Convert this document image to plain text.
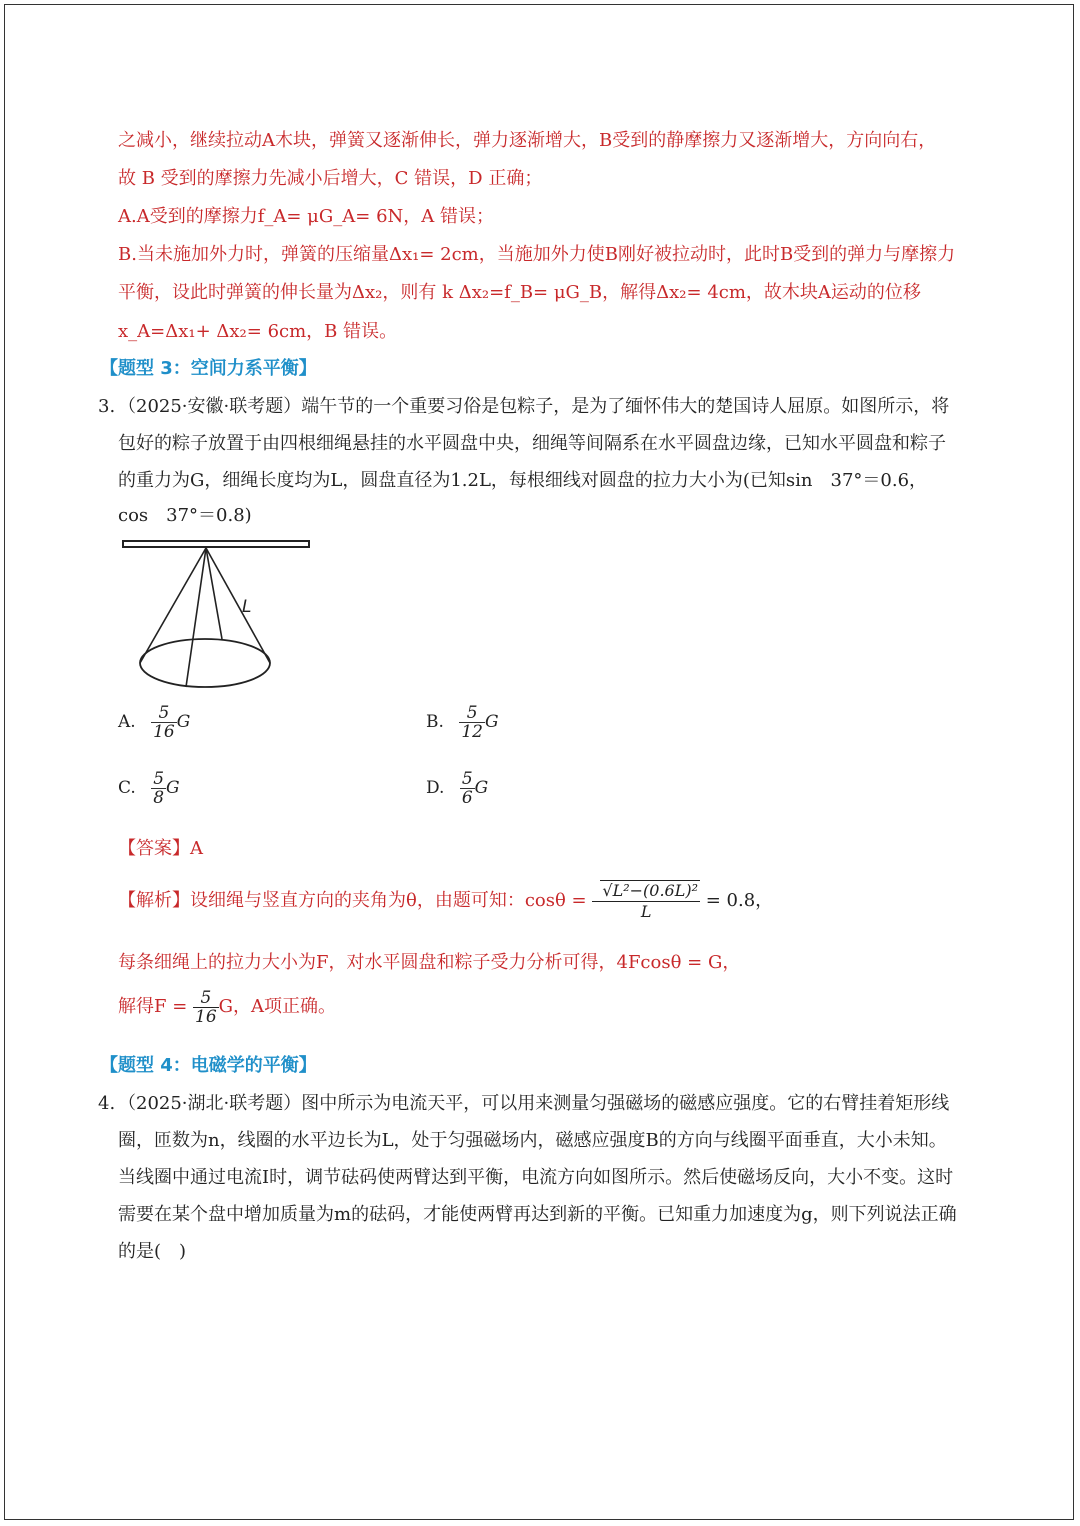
之减小，继续拉动A木块，弹簧又逐渐伸长，弹力逐渐增大，B受到的静摩擦力又逐渐增大，方向向右，
故 B 受到的摩擦力先减小后增大，C 错误，D 正确；
A.A受到的摩擦力f_A= μG_A= 6N，A 错误；
B.当未施加外力时，弹簧的压缩量Δx₁= 2cm，当施加外力使B刚好被拉动时，此时B受到的弹力与摩擦力
平衡，设此时弹簧的伸长量为Δx₂，则有 k Δx₂=f_B= μG_B，解得Δx₂= 4cm，故木块A运动的位移
x_A=Δx₁+ Δx₂= 6cm，B 错误。
【题型 3：空间力系平衡】
3. （2025·安徽·联考题）端午节的一个重要习俗是包粽子，是为了缅怀伟大的楚国诗人屈原。如图所示，将
包好的粽子放置于由四根细绳悬挂的水平圆盘中央，细绳等间隔系在水平圆盘边缘，已知水平圆盘和粽子
的重力为G，细绳长度均为L，圆盘直径为1.2L，每根细线对圆盘的拉力大小为(已知sin　37°＝0.6，
cos　37°＝0.8)
L
A. $\frac{5}{16}$ G	B. $\frac{5}{12}$ G
C. $\frac{5}{8}$ G	D. $\frac{5}{6}$ G
【答案】A
【解析】设细绳与竖直方向的夹角为θ，由题可知：$\cos\theta = \frac{\text{√L²−(0.6L)²}}{L} = 0.8$，
每条细绳上的拉力大小为F，对水平圆盘和粽子受力分析可得，4Fcosθ = G，
解得$F = \frac{5}{16}$ G，A项正确。
【题型 4：电磁学的平衡】
4. （2025·湖北·联考题）图中所示为电流天平，可以用来测量匀强磁场的磁感应强度。它的右臂挂着矩形线
圈，匝数为n，线圈的水平边长为L，处于匀强磁场内，磁感应强度B的方向与线圈平面垂直，大小未知。
当线圈中通过电流I时，调节砝码使两臂达到平衡，电流方向如图所示。然后使磁场反向，大小不变。这时
需要在某个盘中增加质量为m的砝码，才能使两臂再达到新的平衡。已知重力加速度为g，则下列说法正确
的是(　)
